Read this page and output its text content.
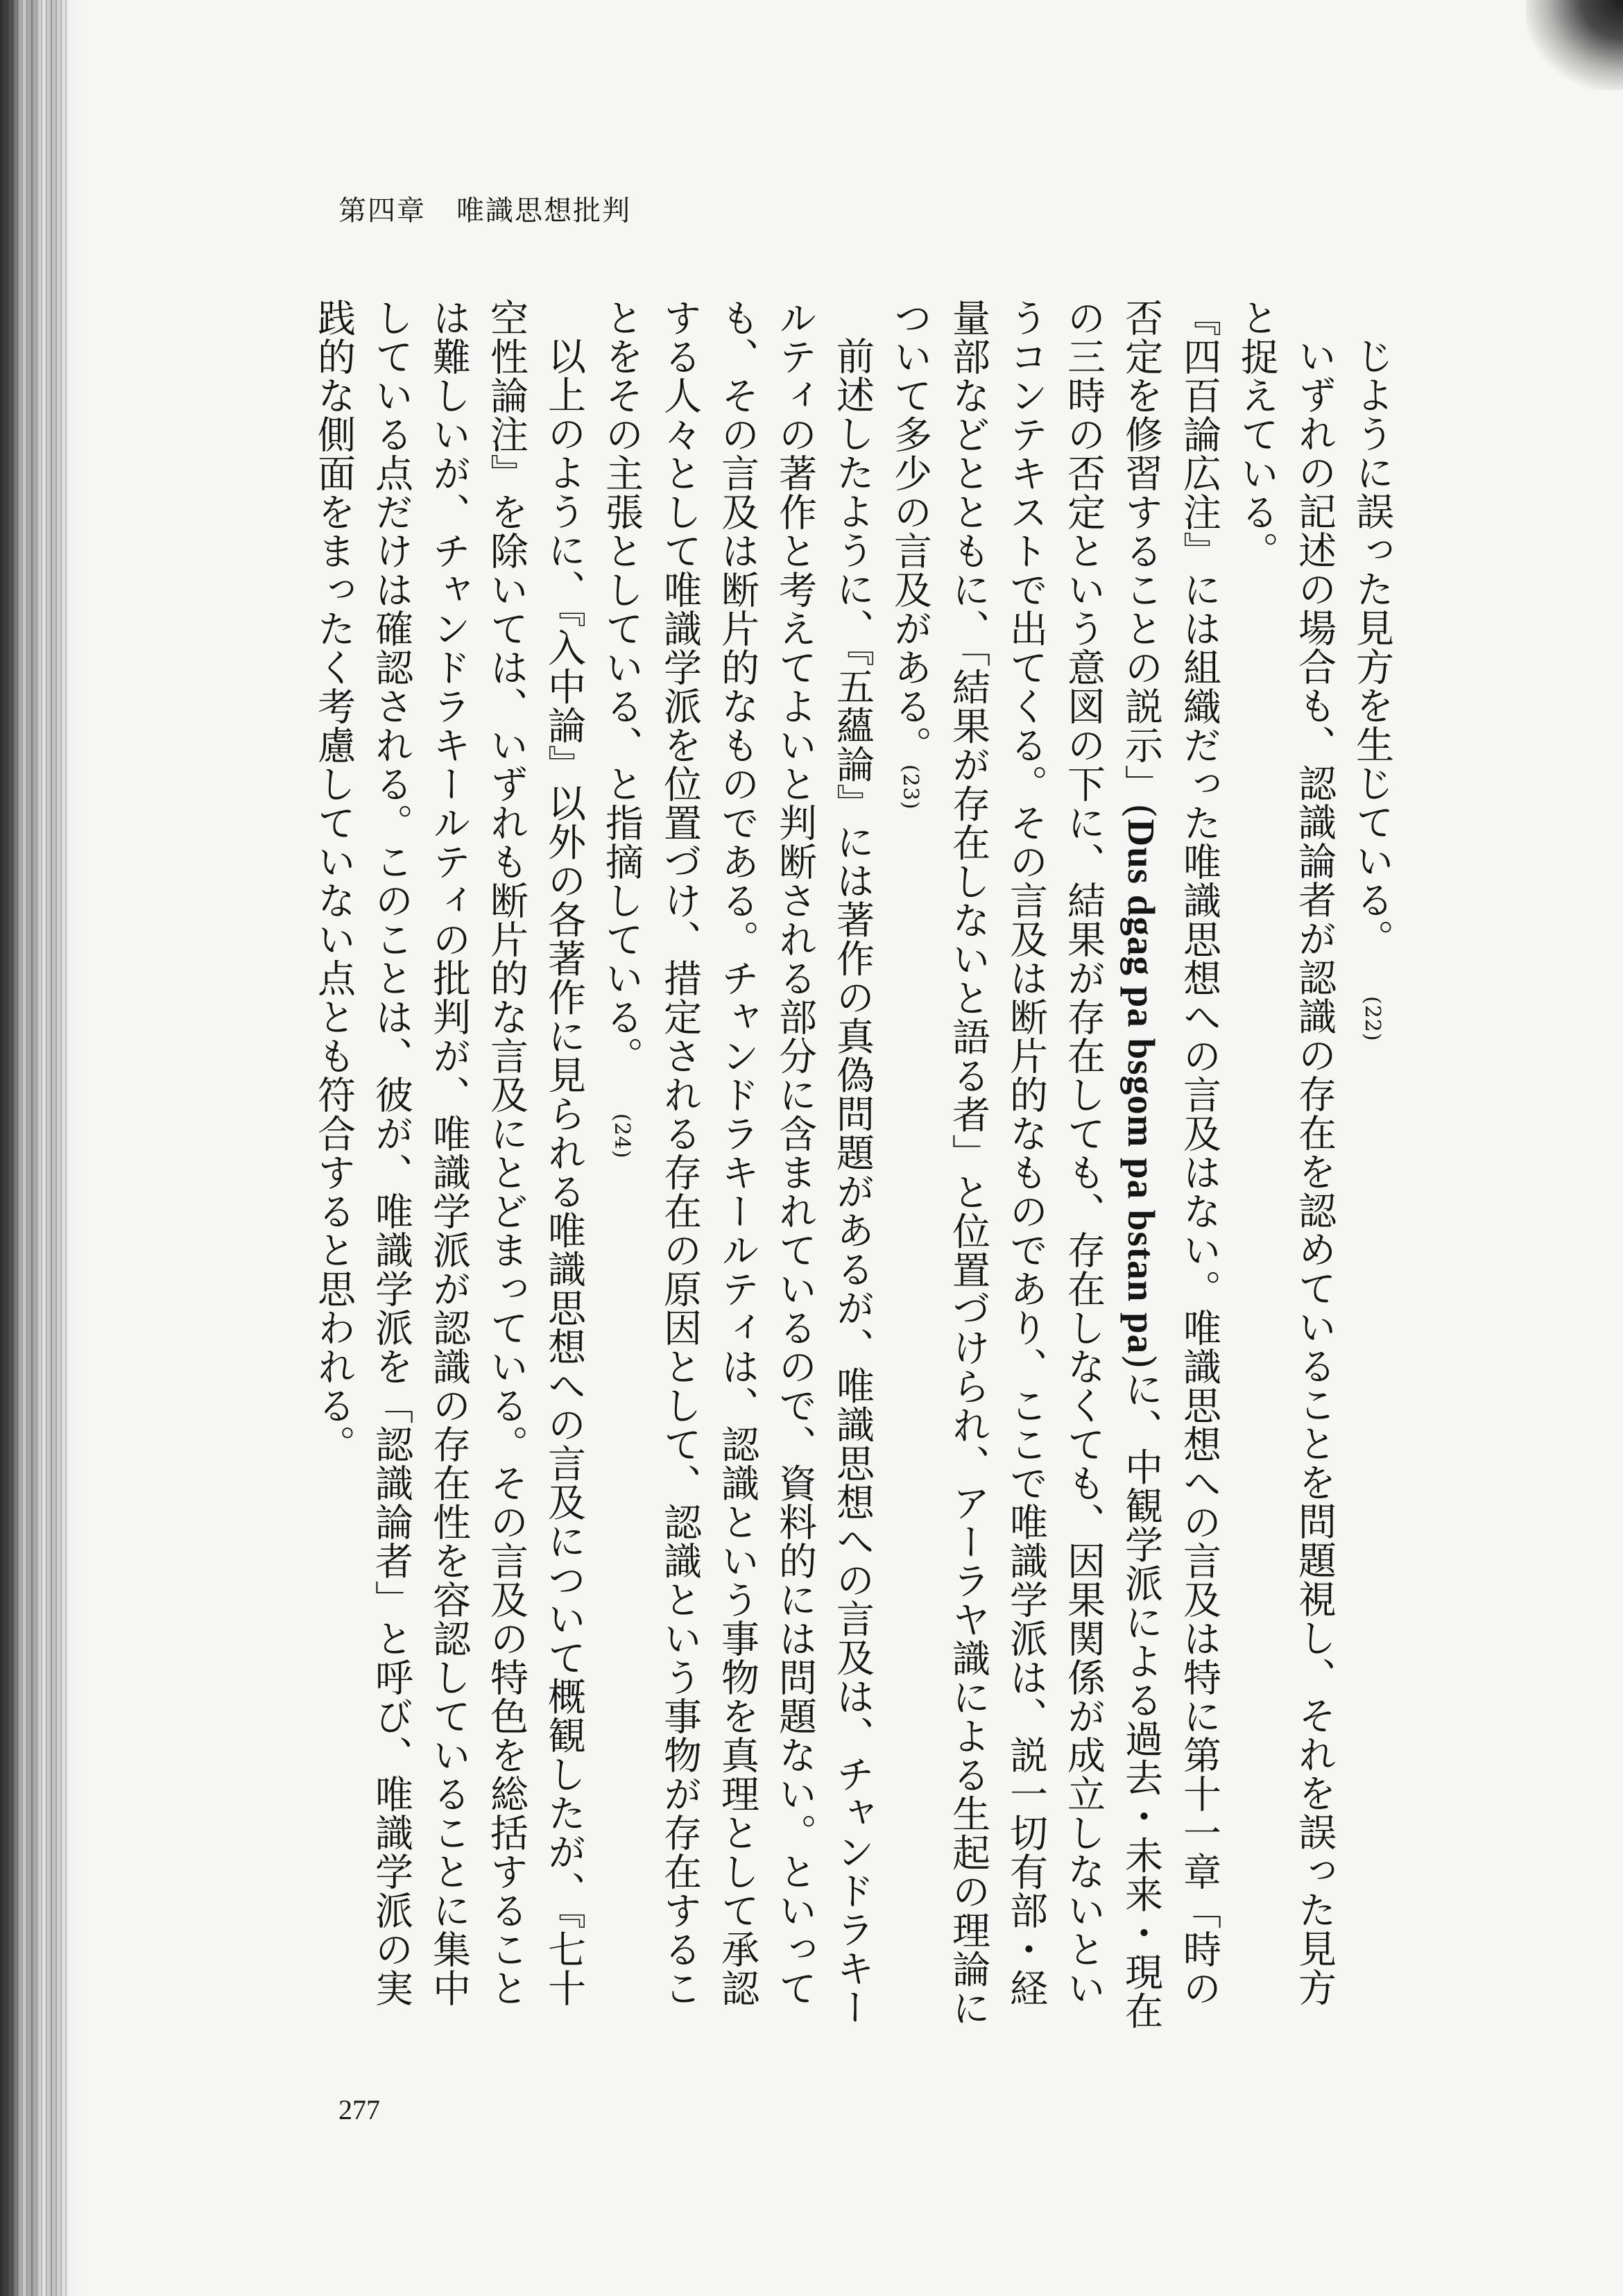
第四章 唯識思想批判

じように誤った見方を生じている。(22)

いずれの記述の場合も、認識論者が認識の存在を認めていることを問題視し、それを誤った見方と捉えている。

『四百論広注』には組織だった唯識思想への言及はない。唯識思想への言及は特に第十一章「時の否定を修習することの説示」(Dus dgag pa bsgom pa bstan pa)に、中観学派による過去・未来・現在の三時の否定という意図の下に、結果が存在しても、存在しなくても、因果関係が成立しないというコンテキストで出てくる。その言及は断片的なものであり、ここで唯識学派は、説一切有部・経量部などとともに、「結果が存在しないと語る者」と位置づけられ、アーラヤ識による生起の理論について多少の言及がある。(23)

前述したように、『五蘊論』には著作の真偽問題があるが、唯識思想への言及は、チャンドラキールティの著作と考えてよいと判断される部分に含まれているので、資料的には問題ない。といっても、その言及は断片的なものである。チャンドラキールティは、認識という事物を真理として承認する人々として唯識学派を位置づけ、措定される存在の原因として、認識という事物が存在することをその主張としている、と指摘している。(24)

以上のように、『入中論』以外の各著作に見られる唯識思想への言及について概観したが、『七十空性論注』を除いては、いずれも断片的な言及にとどまっている。その言及の特色を総括することは難しいが、チャンドラキールティの批判が、唯識学派が認識の存在性を容認していることに集中している点だけは確認される。このことは、彼が、唯識学派を「認識論者」と呼び、唯識学派の実践的な側面をまったく考慮していない点とも符合すると思われる。

277
